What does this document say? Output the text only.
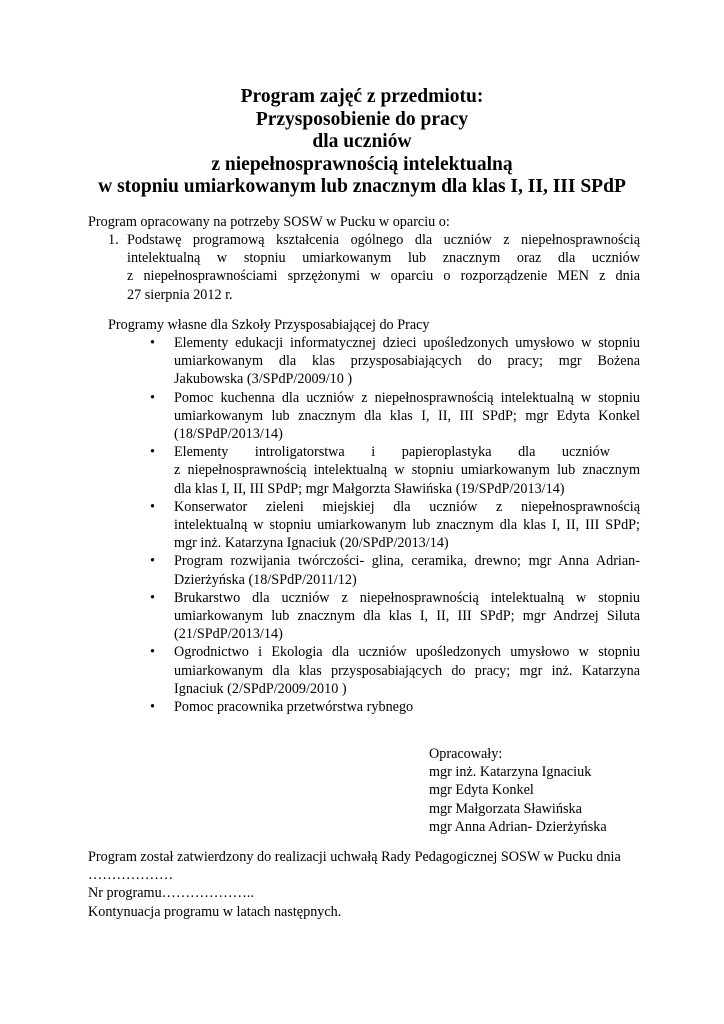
Program zajęć z przedmiotu:
Przysposobienie do pracy
dla uczniów
z niepełnosprawnością intelektualną
w stopniu umiarkowanym lub znacznym dla klas I, II, III SPdP
Program opracowany na potrzeby SOSW w Pucku w oparciu o:
1. Podstawę programową kształcenia ogólnego dla uczniów z niepełnosprawnością
intelektualną w stopniu umiarkowanym lub znacznym oraz dla uczniów
z niepełnosprawnościami sprzężonymi w oparciu o rozporządzenie MEN z dnia
27 sierpnia 2012 r.
Programy własne dla Szkoły Przysposabiającej do Pracy
• Elementy edukacji informatycznej dzieci upośledzonych umysłowo w stopniu
umiarkowanym dla klas przysposabiających do pracy; mgr Bożena
Jakubowska (3/SPdP/2009/10 )
• Pomoc kuchenna dla uczniów z niepełnosprawnością intelektualną w stopniu
umiarkowanym lub znacznym dla klas I, II, III SPdP; mgr Edyta Konkel
(18/SPdP/2013/14)
• Elementy introligatorstwa i papieroplastyka dla uczniów
z niepełnosprawnością intelektualną w stopniu umiarkowanym lub znacznym
dla klas I, II, III SPdP; mgr Małgorzta Sławińska (19/SPdP/2013/14)
• Konserwator zieleni miejskiej dla uczniów z niepełnosprawnością
intelektualną w stopniu umiarkowanym lub znacznym dla klas I, II, III SPdP;
mgr inż. Katarzyna Ignaciuk (20/SPdP/2013/14)
• Program rozwijania twórczości- glina, ceramika, drewno; mgr Anna Adrian-
Dzierżyńska (18/SPdP/2011/12)
• Brukarstwo dla uczniów z niepełnosprawnością intelektualną w stopniu
umiarkowanym lub znacznym dla klas I, II, III SPdP; mgr Andrzej Siluta
(21/SPdP/2013/14)
• Ogrodnictwo i Ekologia dla uczniów upośledzonych umysłowo w stopniu
umiarkowanym dla klas przysposabiających do pracy; mgr inż. Katarzyna
Ignaciuk (2/SPdP/2009/2010 )
• Pomoc pracownika przetwórstwa rybnego
Opracowały:
mgr inż. Katarzyna Ignaciuk
mgr Edyta Konkel
mgr Małgorzata Sławińska
mgr Anna Adrian- Dzierżyńska
Program został zatwierdzony do realizacji uchwałą Rady Pedagogicznej SOSW w Pucku dnia
………………
Nr programu………………..
Kontynuacja programu w latach następnych.
